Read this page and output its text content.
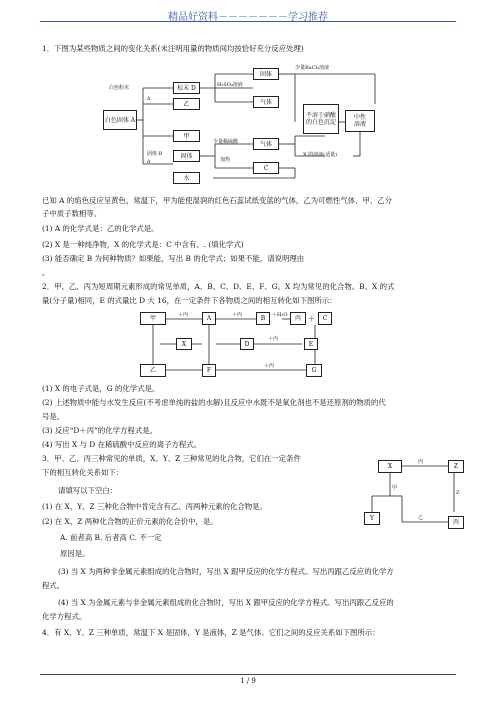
精品好资料－－－－－－－学习推荐
1．下图为某些物质之间的变化关系(未注明用量的物质间均按恰好充分反应处理)
白色固体 A
白色粉末
Δ
棕末 D	H₂SO₄溶液
固体
气体
少量BaCl₂溶液
不溶于硝酸
的白色沉淀
中性
溶液
乙
甲
固体 B
Δ
固体
水
少量稀硫酸
加热
气体
C
X 的溶液(适量)
已知 A 的焰色反应呈黄色，常温下，甲为能使湿润的红色石蕊试纸变蓝的气体，乙为可燃性气体，甲、乙分
子中质子数相等。
(1) A 的化学式是：乙的化学式是。
(2) X 是一种纯净物，X 的化学式是：C 中含有、. (填化学式)
(3) 能否确定 B 为何种物质？如果能，写出 B 的化学式；如果不能，请说明理由
。
2．甲、乙、丙为短周期元素形成的常见单质，A、B、C、D、E、F、G、X 均为常见的化合物。B、X 的式
量(分子量)相同，E 的式量比 D 大 16，在一定条件下各物质之间的相互转化如下图所示：
甲	＋丙	A	＋丙	B	＋H₂O	丙	＋	C
X	D
＋丙
E
乙	F
＋丙
G
(1) X 的电子式是，G 的化学式是。
(2) 上述物质中能与水发生反应(不考虑单纯的盐的水解)且反应中水既不是氧化剂也不是还原剂的物质的代
号是。
(3) 反应“D＋丙”的化学方程式是。
(4) 写出 X 与 D 在稀硫酸中反应的离子方程式。
3．甲、乙、丙三种常见的单质，X、Y、Z 三种常见的化合物，它们在一定条件
下的相互转化关系如下：
请填写以下空白：
(1) 在 X、Y、Z 三种化合物中肯定含有乙、丙两种元素的化合物是。
(2) 在 X、Z 两种化合物的正价元素的化合价中，是。
A. 前者高 B. 后者高 C. 不一定
原因是。
X
丙
Z
甲
Z
Y	乙
丙
(3) 当 X 为两种非金属元素组成的化合物时，写出 X 跟甲反应的化学方程式。写出丙跟乙反应的化学方
程式。
(4) 当 X 为金属元素与非金属元素组成的化合物时，写出 X 跟甲反应的化学方程式。写出丙跟乙反应的
化学方程式。
4．有 X、Y、Z 三种单质，常温下 X 是固体，Y 是液体，Z 是气体。它们之间的反应关系如下图所示：
1 / 9
